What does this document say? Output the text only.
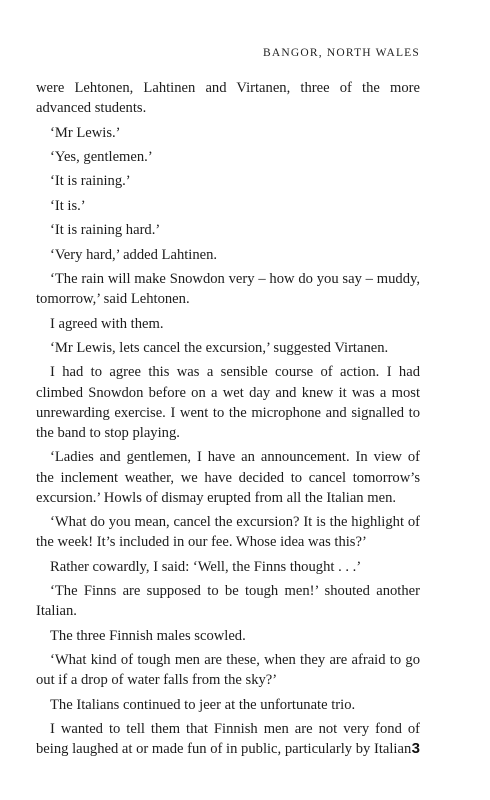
BANGOR, NORTH WALES

were Lehtonen, Lahtinen and Virtanen, three of the more advanced students.

‘Mr Lewis.’

‘Yes, gentlemen.’

‘It is raining.’

‘It is.’

‘It is raining hard.’

‘Very hard,’ added Lahtinen.

‘The rain will make Snowdon very – how do you say – muddy, tomorrow,’ said Lehtonen.

I agreed with them.

‘Mr Lewis, lets cancel the excursion,’ suggested Virtanen.

I had to agree this was a sensible course of action. I had climbed Snowdon before on a wet day and knew it was a most unrewarding exercise. I went to the microphone and signalled to the band to stop playing.

‘Ladies and gentlemen, I have an announcement. In view of the inclement weather, we have decided to cancel tomorrow’s excursion.’ Howls of dismay erupted from all the Italian men.

‘What do you mean, cancel the excursion? It is the highlight of the week! It’s included in our fee. Whose idea was this?’

Rather cowardly, I said: ‘Well, the Finns thought . . .’

‘The Finns are supposed to be tough men!’ shouted another Italian.

The three Finnish males scowled.

‘What kind of tough men are these, when they are afraid to go out if a drop of water falls from the sky?’

The Italians continued to jeer at the unfortunate trio.

I wanted to tell them that Finnish men are not very fond of being laughed at or made fun of in public, particularly by Italian 3
